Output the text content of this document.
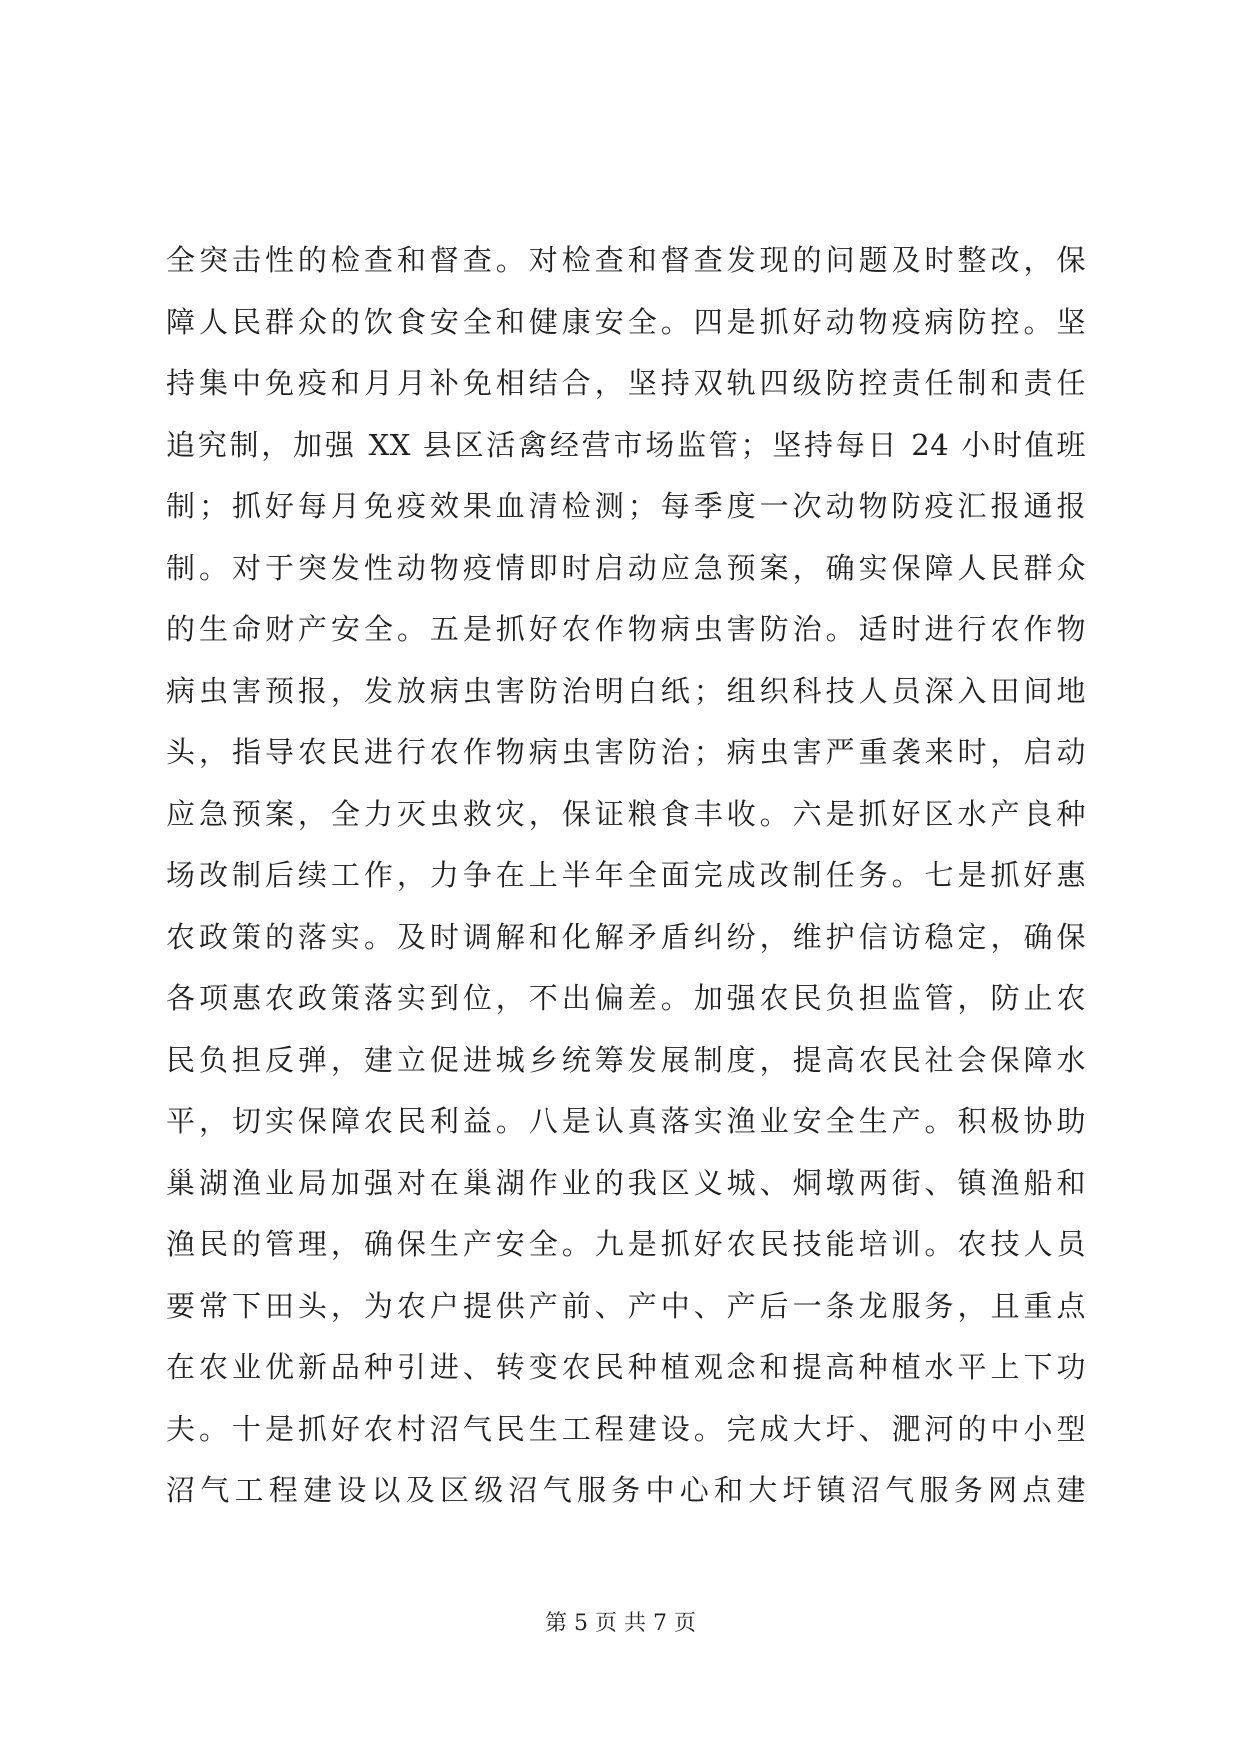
全突击性的检查和督查。对检查和督查发现的问题及时整改，保
障人民群众的饮食安全和健康安全。四是抓好动物疫病防控。坚
持集中免疫和月月补免相结合，坚持双轨四级防控责任制和责任
追究制，加强 XX 县区活禽经营市场监管；坚持每日 24 小时值班
制；抓好每月免疫效果血清检测；每季度一次动物防疫汇报通报
制。对于突发性动物疫情即时启动应急预案，确实保障人民群众
的生命财产安全。五是抓好农作物病虫害防治。适时进行农作物
病虫害预报，发放病虫害防治明白纸；组织科技人员深入田间地
头，指导农民进行农作物病虫害防治；病虫害严重袭来时，启动
应急预案，全力灭虫救灾，保证粮食丰收。六是抓好区水产良种
场改制后续工作，力争在上半年全面完成改制任务。七是抓好惠
农政策的落实。及时调解和化解矛盾纠纷，维护信访稳定，确保
各项惠农政策落实到位，不出偏差。加强农民负担监管，防止农
民负担反弹，建立促进城乡统筹发展制度，提高农民社会保障水
平，切实保障农民利益。八是认真落实渔业安全生产。积极协助
巢湖渔业局加强对在巢湖作业的我区义城、烔墩两街、镇渔船和
渔民的管理，确保生产安全。九是抓好农民技能培训。农技人员
要常下田头，为农户提供产前、产中、产后一条龙服务，且重点
在农业优新品种引进、转变农民种植观念和提高种植水平上下功
夫。十是抓好农村沼气民生工程建设。完成大圩、淝河的中小型
沼气工程建设以及区级沼气服务中心和大圩镇沼气服务网点建
第 5 页 共 7 页
